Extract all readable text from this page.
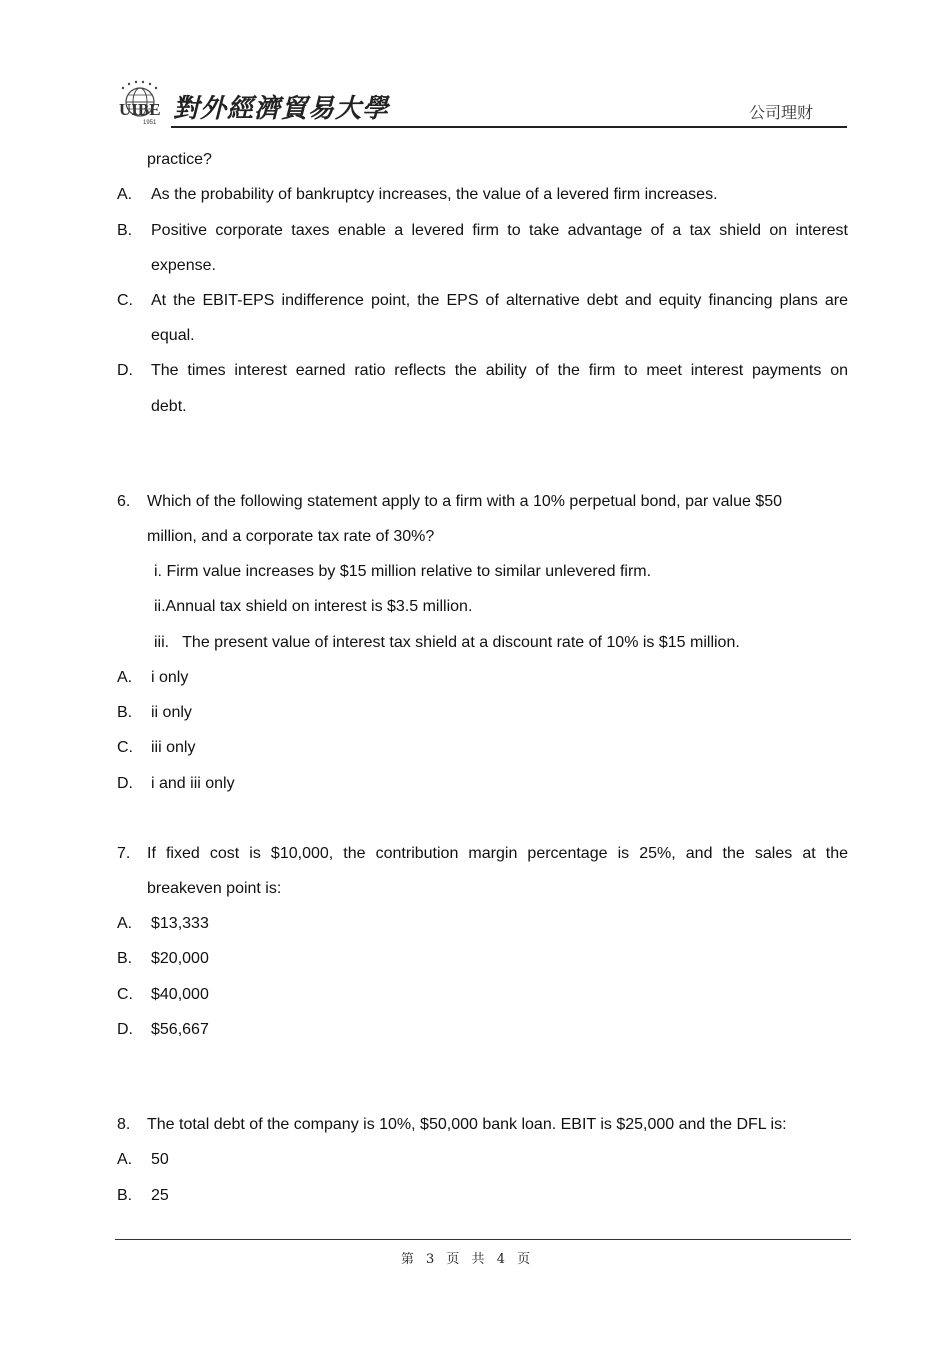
UIBE
1951 對外經濟貿易大學	公司理财
practice?
A. As the probability of bankruptcy increases, the value of a levered firm increases.
B. Positive corporate taxes enable a levered firm to take advantage of a tax shield on interest
expense.
C. At the EBIT-EPS indifference point, the EPS of alternative debt and equity financing plans are
equal.
D. The times interest earned ratio reflects the ability of the firm to meet interest payments on
debt.
6. Which of the following statement apply to a firm with a 10% perpetual bond, par value $50
million, and a corporate tax rate of 30%?
i. Firm value increases by $15 million relative to similar unlevered firm.
ii.Annual tax shield on interest is $3.5 million.
iii.   The present value of interest tax shield at a discount rate of 10% is $15 million.
A. i only
B. ii only
C. iii only
D. i and iii only
7. If fixed cost is $10,000, the contribution margin percentage is 25%, and the sales at the
breakeven point is:
A. $13,333
B. $20,000
C. $40,000
D. $56,667
8. The total debt of the company is 10%, $50,000 bank loan. EBIT is $25,000 and the DFL is:
A. 50
B. 25
第 3 页 共 4 页
